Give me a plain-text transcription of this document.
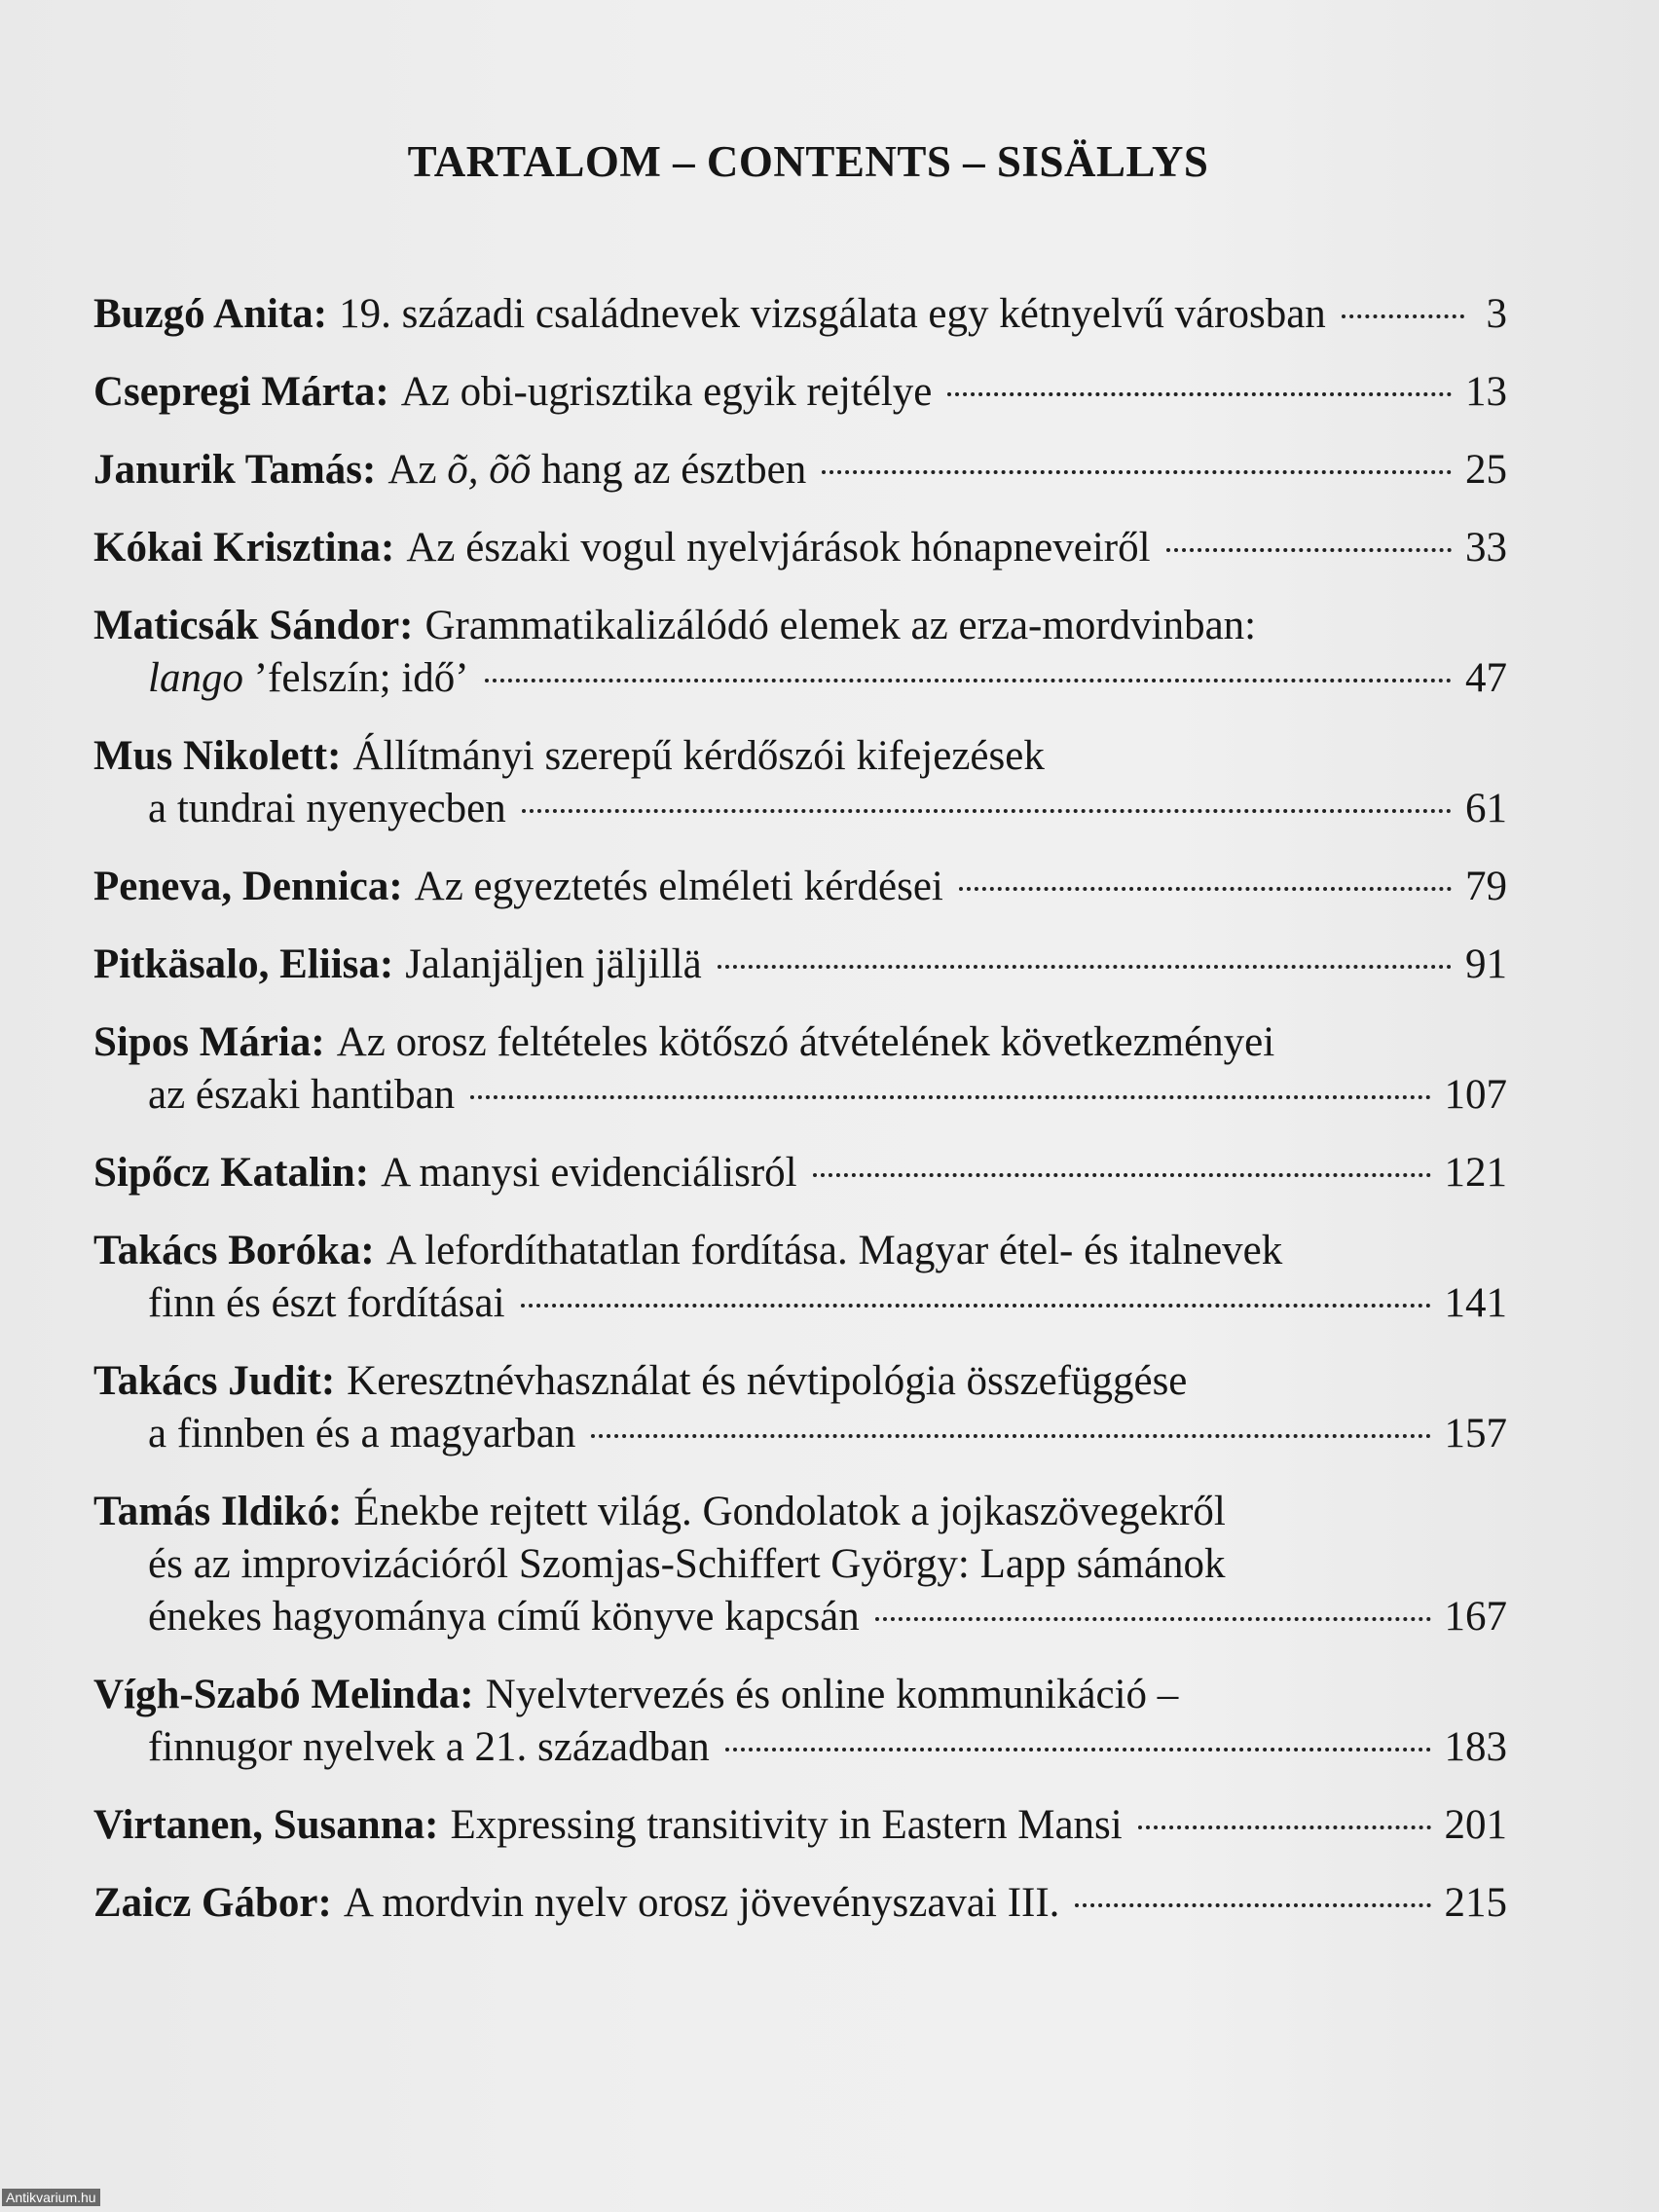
TARTALOM – CONTENTS – SISÄLLYS
Buzgó Anita: 19. századi családnevek vizsgálata egy kétnyelvű városban	3
Csepregi Márta: Az obi-ugrisztika egyik rejtélye	13
Janurik Tamás: Az õ, õõ hang az észtben	25
Kókai Krisztina: Az északi vogul nyelvjárások hónapneveiről	33
Maticsák Sándor: Grammatikalizálódó elemek az erza-mordvinban:
lango ’felszín; idő’	47
Mus Nikolett: Állítmányi szerepű kérdőszói kifejezések
a tundrai nyenyecben	61
Peneva, Dennica: Az egyeztetés elméleti kérdései	79
Pitkäsalo, Eliisa: Jalanjäljen jäljillä	91
Sipos Mária: Az orosz feltételes kötőszó átvételének következményei
az északi hantiban	107
Sipőcz Katalin: A manysi evidenciálisról	121
Takács Boróka: A lefordíthatatlan fordítása. Magyar étel- és italnevek
finn és észt fordításai	141
Takács Judit: Keresztnévhasználat és névtipológia összefüggése
a finnben és a magyarban	157
Tamás Ildikó: Énekbe rejtett világ. Gondolatok a jojkaszövegekről
és az improvizációról Szomjas-Schiffert György: Lapp sámánok
énekes hagyománya című könyve kapcsán	167
Vígh-Szabó Melinda: Nyelvtervezés és online kommunikáció –
finnugor nyelvek a 21. században	183
Virtanen, Susanna: Expressing transitivity in Eastern Mansi	201
Zaicz Gábor: A mordvin nyelv orosz jövevényszavai III.	215
Antikvarium.hu
